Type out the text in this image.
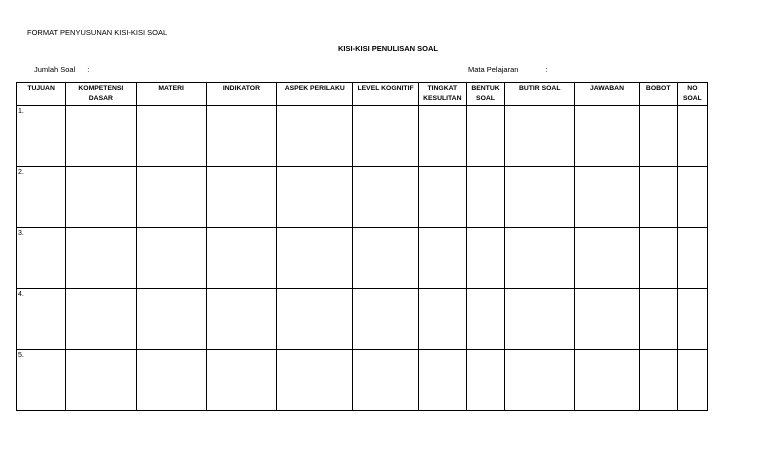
FORMAT PENYUSUNAN KISI-KISI SOAL
KISI-KISI PENULISAN SOAL
Jumlah Soal :	Mata Pelajaran	:
TUJUAN	KOMPETENSI DASAR	MATERI	INDIKATOR	ASPEK PERILAKU	LEVEL KOGNITIF	TINGKAT KESULITAN	BENTUK SOAL	BUTIR SOAL	JAWABAN	BOBOT	NO SOAL

1.											

2.											

3.											

4.											

5.											
